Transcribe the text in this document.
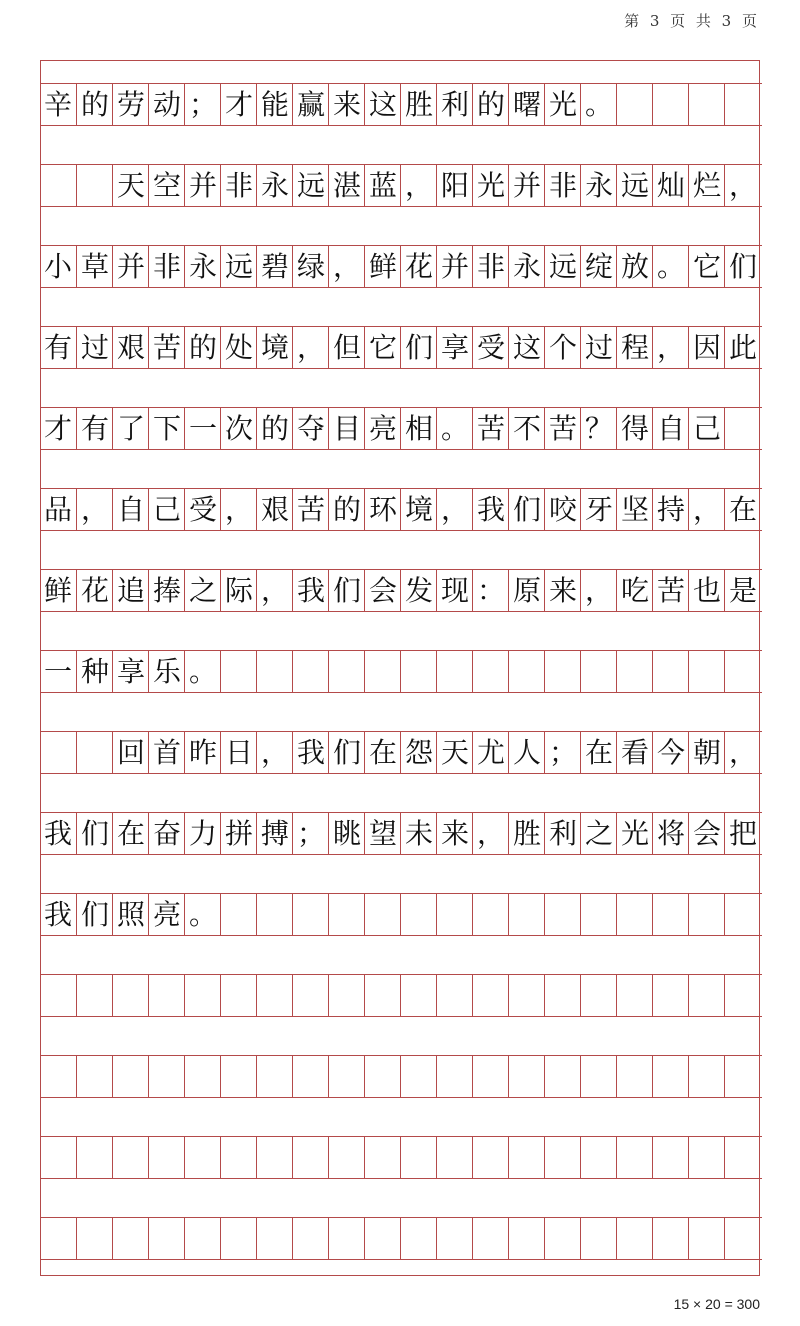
第 3 页 共 3 页
辛 的 劳 动 ； 才 能 赢 来 这 胜 利 的 曙 光 。
天 空 并 非 永 远 湛 蓝 ， 阳 光 并 非 永 远 灿 烂 ，
小 草 并 非 永 远 碧 绿 ， 鲜 花 并 非 永 远 绽 放 。 它 们
有 过 艰 苦 的 处 境 ， 但 它 们 享 受 这 个 过 程 ， 因 此
才 有 了 下 一 次 的 夺 目 亮 相 。 苦 不 苦 ？ 得 自 己
品 ， 自 己 受 ， 艰 苦 的 环 境 ， 我 们 咬 牙 坚 持 ， 在
鲜 花 追 捧 之 际 ， 我 们 会 发 现 ： 原 来 ， 吃 苦 也 是
一 种 享 乐 。
回 首 昨 日 ， 我 们 在 怨 天 尤 人 ； 在 看 今 朝 ，
我 们 在 奋 力 拼 搏 ； 眺 望 未 来 ， 胜 利 之 光 将 会 把
我 们 照 亮 。
15 × 20 = 300
